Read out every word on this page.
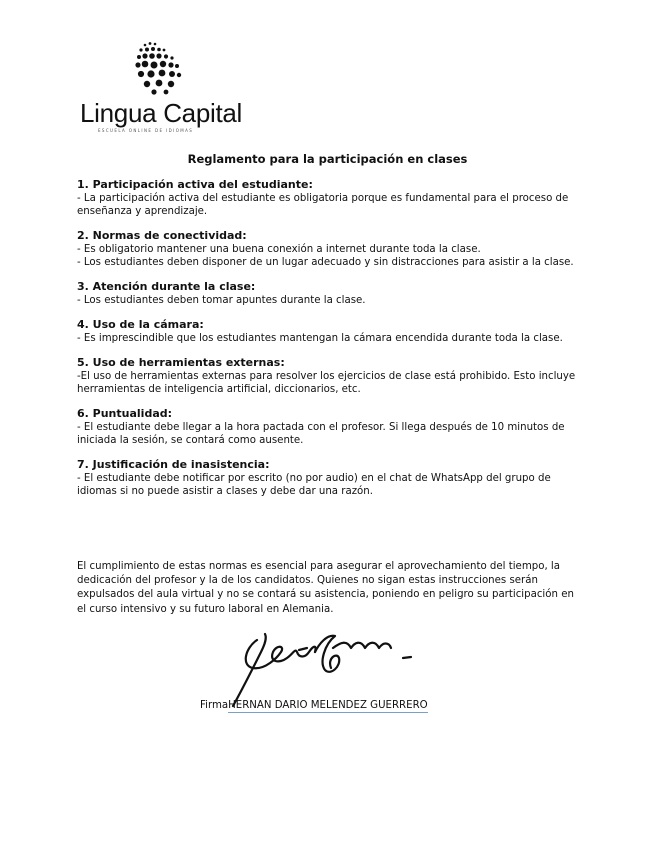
Lingua Capital
ESCUELA ONLINE DE IDIOMAS
Reglamento para la participación en clases
1. Participación activa del estudiante:

- La participación activa del estudiante es obligatoria porque es fundamental para el proceso de enseñanza y aprendizaje.

2. Normas de conectividad:

- Es obligatorio mantener una buena conexión a internet durante toda la clase.

- Los estudiantes deben disponer de un lugar adecuado y sin distracciones para asistir a la clase.

3. Atención durante la clase:

- Los estudiantes deben tomar apuntes durante la clase.

4. Uso de la cámara:

- Es imprescindible que los estudiantes mantengan la cámara encendida durante toda la clase.

5. Uso de herramientas externas:

-El uso de herramientas externas para resolver los ejercicios de clase está prohibido. Esto incluye herramientas de inteligencia artificial, diccionarios, etc.

6. Puntualidad:

- El estudiante debe llegar a la hora pactada con el profesor. Si llega después de 10 minutos de iniciada la sesión, se contará como ausente.

7. Justificación de inasistencia:

- El estudiante debe notificar por escrito (no por audio) en el chat de WhatsApp del grupo de idiomas si no puede asistir a clases y debe dar una razón.

El cumplimiento de estas normas es esencial para asegurar el aprovechamiento del tiempo, la dedicación del profesor y la de los candidatos. Quienes no sigan estas instrucciones serán expulsados del aula virtual y no se contará su asistencia, poniendo en peligro su participación en el curso intensivo y su futuro laboral en Alemania.

FirmaHERNAN DARIO MELENDEZ GUERRERO
